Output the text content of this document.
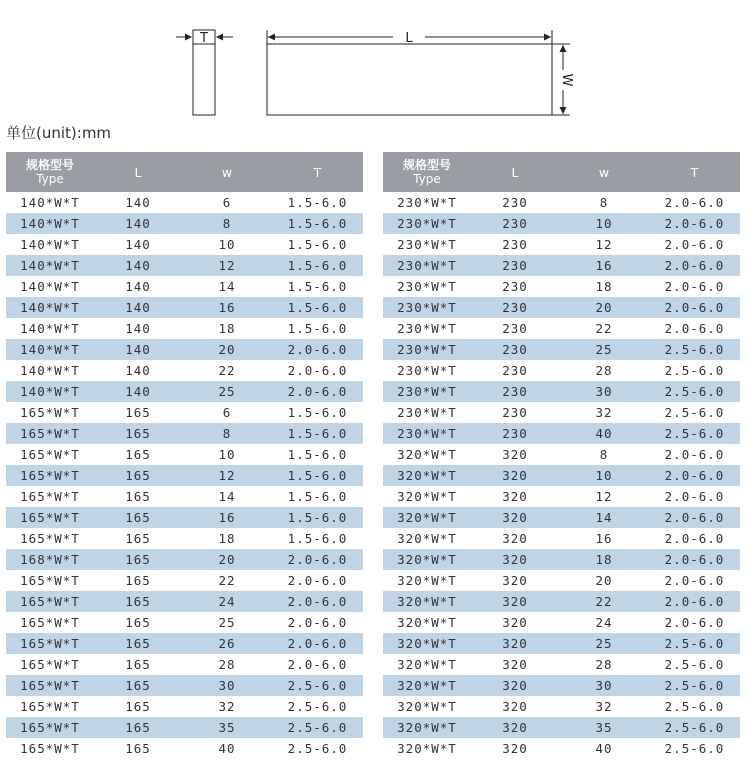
T	L
W
单位(unit):mm
规格型号
Type	L	w	T
140*W*T	140	6	1.5-6.0
140*W*T	140	8	1.5-6.0
140*W*T	140	10	1.5-6.0
140*W*T	140	12	1.5-6.0
140*W*T	140	14	1.5-6.0
140*W*T	140	16	1.5-6.0
140*W*T	140	18	1.5-6.0
140*W*T	140	20	2.0-6.0
140*W*T	140	22	2.0-6.0
140*W*T	140	25	2.0-6.0
165*W*T	165	6	1.5-6.0
165*W*T	165	8	1.5-6.0
165*W*T	165	10	1.5-6.0
165*W*T	165	12	1.5-6.0
165*W*T	165	14	1.5-6.0
165*W*T	165	16	1.5-6.0
165*W*T	165	18	1.5-6.0
168*W*T	165	20	2.0-6.0
165*W*T	165	22	2.0-6.0
165*W*T	165	24	2.0-6.0
165*W*T	165	25	2.0-6.0
165*W*T	165	26	2.0-6.0
165*W*T	165	28	2.0-6.0
165*W*T	165	30	2.5-6.0
165*W*T	165	32	2.5-6.0
165*W*T	165	35	2.5-6.0
165*W*T	165	40	2.5-6.0
规格型号
Type	L	w	T
230*W*T	230	8	2.0-6.0
230*W*T	230	10	2.0-6.0
230*W*T	230	12	2.0-6.0
230*W*T	230	16	2.0-6.0
230*W*T	230	18	2.0-6.0
230*W*T	230	20	2.0-6.0
230*W*T	230	22	2.0-6.0
230*W*T	230	25	2.5-6.0
230*W*T	230	28	2.5-6.0
230*W*T	230	30	2.5-6.0
230*W*T	230	32	2.5-6.0
230*W*T	230	40	2.5-6.0
320*W*T	320	8	2.0-6.0
320*W*T	320	10	2.0-6.0
320*W*T	320	12	2.0-6.0
320*W*T	320	14	2.0-6.0
320*W*T	320	16	2.0-6.0
320*W*T	320	18	2.0-6.0
320*W*T	320	20	2.0-6.0
320*W*T	320	22	2.0-6.0
320*W*T	320	24	2.0-6.0
320*W*T	320	25	2.5-6.0
320*W*T	320	28	2.5-6.0
320*W*T	320	30	2.5-6.0
320*W*T	320	32	2.5-6.0
320*W*T	320	35	2.5-6.0
320*W*T	320	40	2.5-6.0
